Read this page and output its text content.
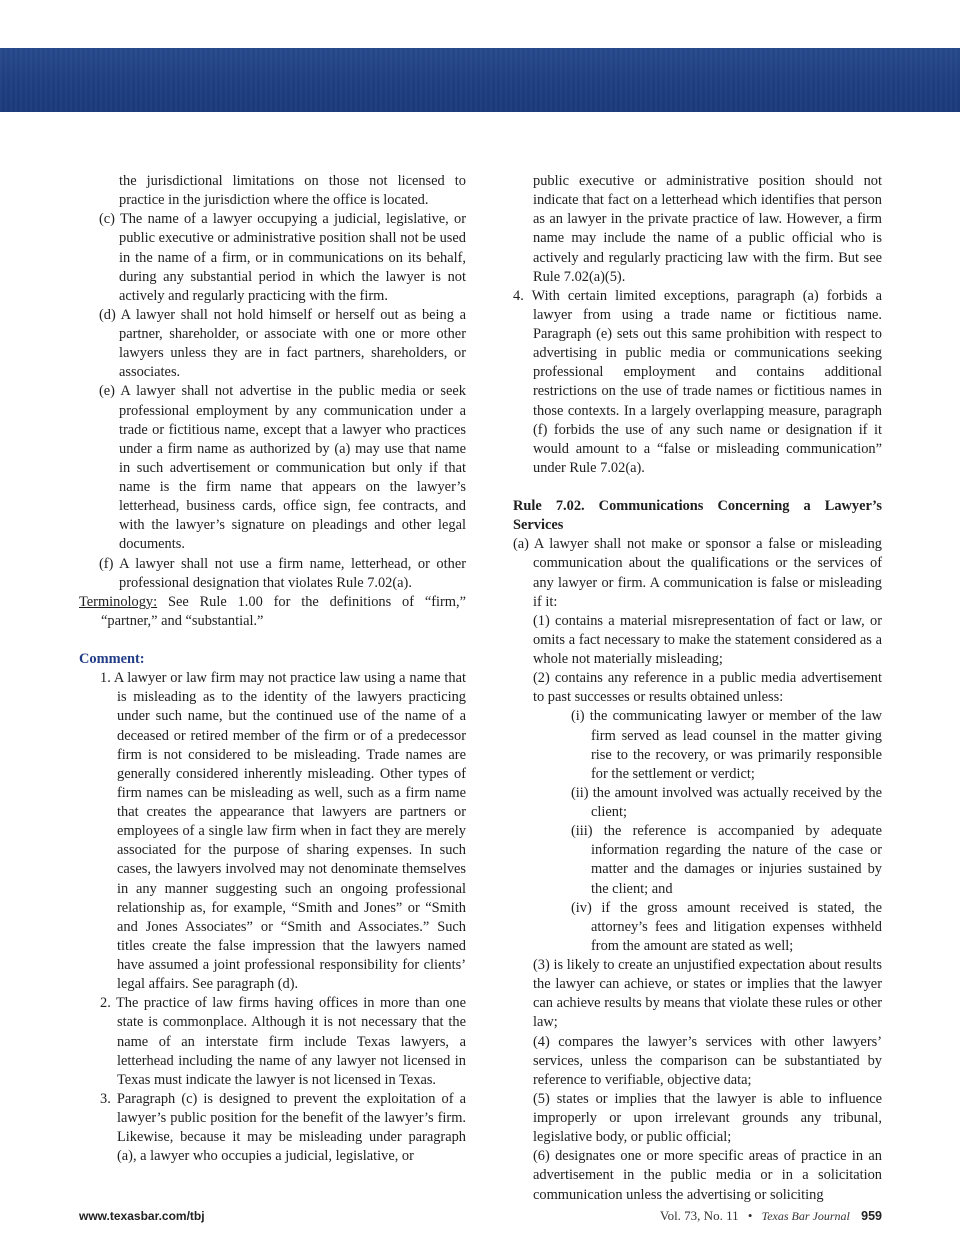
the jurisdictional limitations on those not licensed to practice in the jurisdiction where the office is located.

(c) The name of a lawyer occupying a judicial, legislative, or public executive or administrative position shall not be used in the name of a firm, or in communications on its behalf, during any substantial period in which the lawyer is not actively and regularly practicing with the firm.

(d) A lawyer shall not hold himself or herself out as being a partner, shareholder, or associate with one or more other lawyers unless they are in fact partners, shareholders, or associates.

(e) A lawyer shall not advertise in the public media or seek professional employment by any communication under a trade or fictitious name, except that a lawyer who practices under a firm name as authorized by (a) may use that name in such advertisement or communication but only if that name is the firm name that appears on the lawyer’s letterhead, business cards, office sign, fee contracts, and with the lawyer’s signature on pleadings and other legal documents.

(f) A lawyer shall not use a firm name, letterhead, or other professional designation that violates Rule 7.02(a).

Terminology: See Rule 1.00 for the definitions of “firm,” “partner,” and “substantial.”

Comment:

1. A lawyer or law firm may not practice law using a name that is misleading as to the identity of the lawyers practicing under such name, but the continued use of the name of a deceased or retired member of the firm or of a predecessor firm is not considered to be misleading. Trade names are generally considered inherently misleading. Other types of firm names can be misleading as well, such as a firm name that creates the appearance that lawyers are partners or employees of a single law firm when in fact they are merely associated for the purpose of sharing expenses. In such cases, the lawyers involved may not denominate themselves in any manner suggesting such an ongoing professional relationship as, for example, “Smith and Jones” or “Smith and Jones Associates” or “Smith and Associates.” Such titles create the false impression that the lawyers named have assumed a joint professional responsibility for clients’ legal affairs. See paragraph (d).

2. The practice of law firms having offices in more than one state is commonplace. Although it is not necessary that the name of an interstate firm include Texas lawyers, a letterhead including the name of any lawyer not licensed in Texas must indicate the lawyer is not licensed in Texas.

3. Paragraph (c) is designed to prevent the exploitation of a lawyer’s public position for the benefit of the lawyer’s firm. Likewise, because it may be misleading under paragraph (a), a lawyer who occupies a judicial, legislative, or

public executive or administrative position should not indicate that fact on a letterhead which identifies that person as an lawyer in the private practice of law. However, a firm name may include the name of a public official who is actively and regularly practicing law with the firm. But see Rule 7.02(a)(5).

4. With certain limited exceptions, paragraph (a) forbids a lawyer from using a trade name or fictitious name. Paragraph (e) sets out this same prohibition with respect to advertising in public media or communications seeking professional employment and contains additional restrictions on the use of trade names or fictitious names in those contexts. In a largely overlapping measure, paragraph (f) forbids the use of any such name or designation if it would amount to a “false or misleading communication” under Rule 7.02(a).

Rule 7.02. Communications Concerning a Lawyer’s Services

(a) A lawyer shall not make or sponsor a false or misleading communication about the qualifications or the services of any lawyer or firm. A communication is false or misleading if it:

(1) contains a material misrepresentation of fact or law, or omits a fact necessary to make the statement considered as a whole not materially misleading;

(2) contains any reference in a public media advertisement to past successes or results obtained unless:

(i) the communicating lawyer or member of the law firm served as lead counsel in the matter giving rise to the recovery, or was primarily responsible for the settlement or verdict;

(ii) the amount involved was actually received by the client;

(iii) the reference is accompanied by adequate information regarding the nature of the case or matter and the damages or injuries sustained by the client; and

(iv) if the gross amount received is stated, the attorney’s fees and litigation expenses withheld from the amount are stated as well;

(3) is likely to create an unjustified expectation about results the lawyer can achieve, or states or implies that the lawyer can achieve results by means that violate these rules or other law;

(4) compares the lawyer’s services with other lawyers’ services, unless the comparison can be substantiated by reference to verifiable, objective data;

(5) states or implies that the lawyer is able to influence improperly or upon irrelevant grounds any tribunal, legislative body, or public official;

(6) designates one or more specific areas of practice in an advertisement in the public media or in a solicitation communication unless the advertising or soliciting

www.texasbar.com/tbj	Vol. 73, No. 11 • Texas Bar Journal 959
